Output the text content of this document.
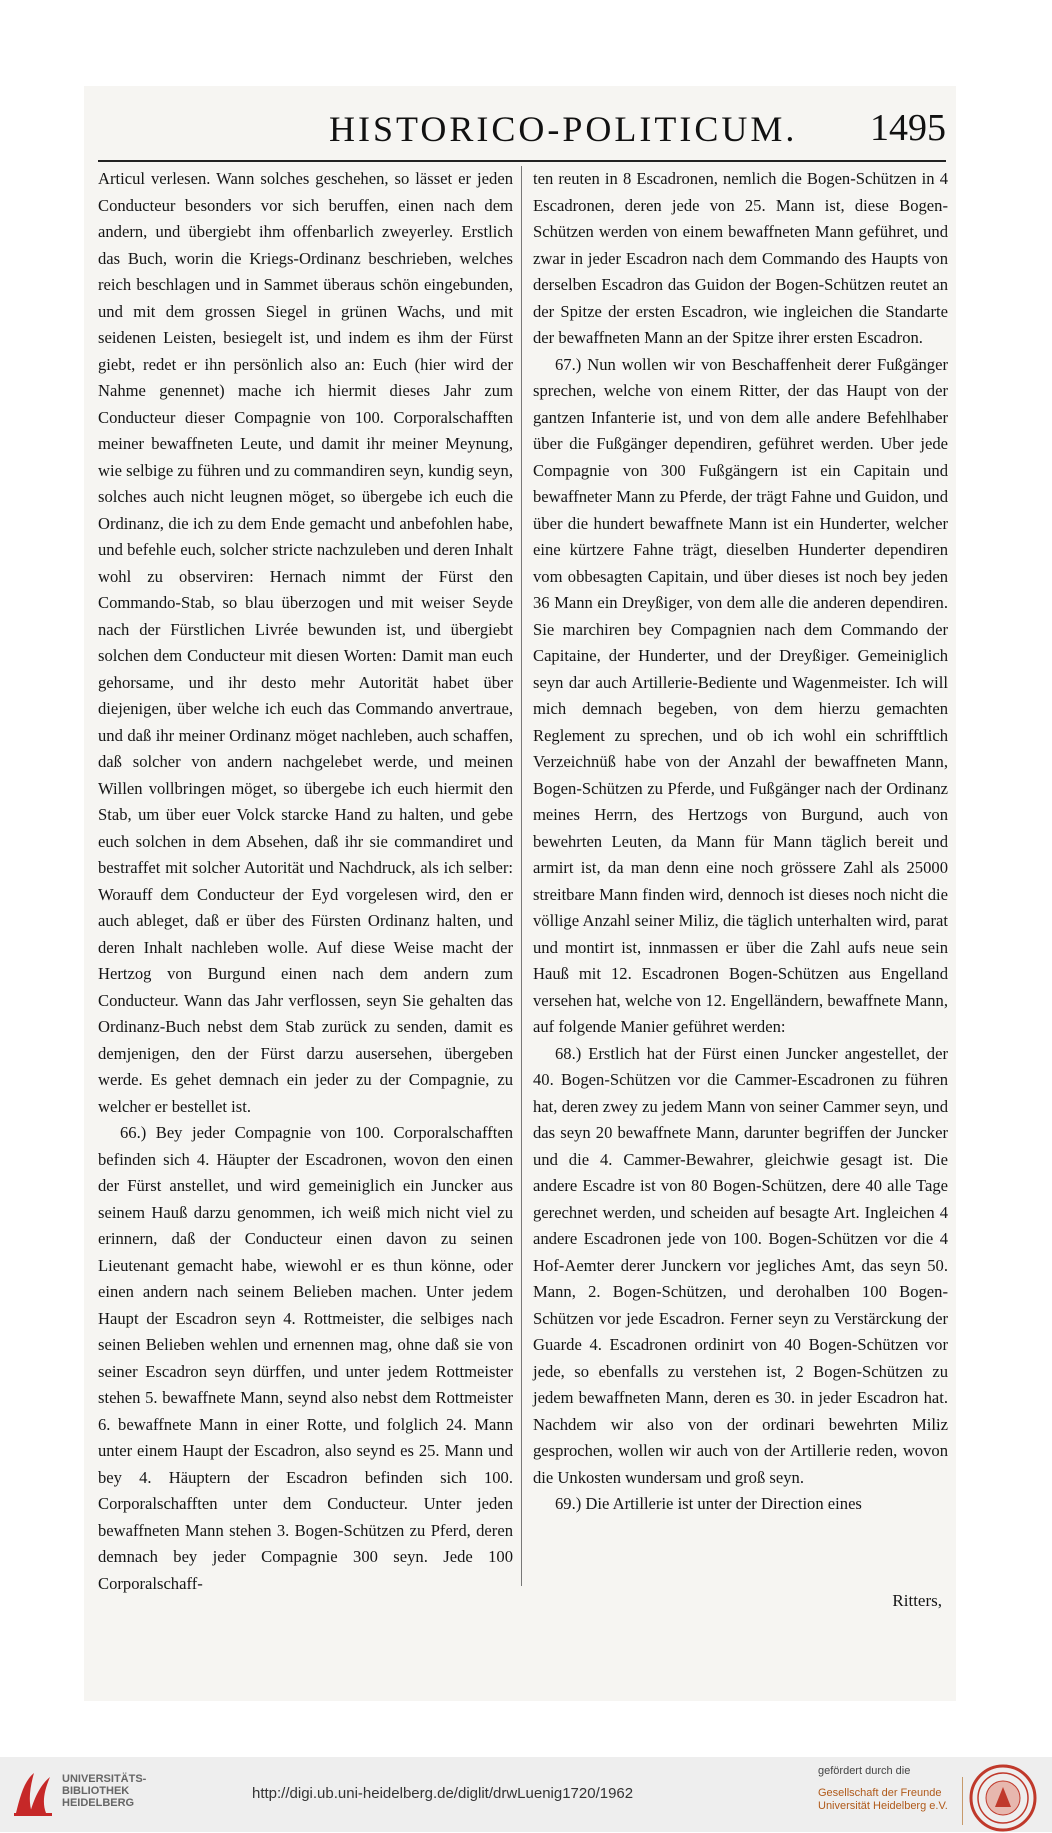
HISTORICO-POLITICUM. 1495

Articul verlesen. Wann solches geschehen, so lässet er jeden Conducteur besonders vor sich beruffen, einen nach dem andern, und übergiebt ihm offenbarlich zweyerley. Erstlich das Buch, worin die Kriegs-Ordinanz beschrieben, welches reich beschlagen und in Sammet überaus schön eingebunden, und mit dem grossen Siegel in grünen Wachs, und mit seidenen Leisten, besiegelt ist, und indem es ihm der Fürst giebt, redet er ihn persönlich also an: Euch (hier wird der Nahme genennet) mache ich hiermit dieses Jahr zum Conducteur dieser Compagnie von 100. Corporalschafften meiner bewaffneten Leute, und damit ihr meiner Meynung, wie selbige zu führen und zu commandiren seyn, kundig seyn, solches auch nicht leugnen möget, so übergebe ich euch die Ordinanz, die ich zu dem Ende gemacht und anbefohlen habe, und befehle euch, solcher stricte nachzuleben und deren Inhalt wohl zu observiren: Hernach nimmt der Fürst den Commando-Stab, so blau überzogen und mit weiser Seyde nach der Fürstlichen Livrée bewunden ist, und übergiebt solchen dem Conducteur mit diesen Worten: Damit man euch gehorsame, und ihr desto mehr Autorität habet über diejenigen, über welche ich euch das Commando anvertraue, und daß ihr meiner Ordinanz möget nachleben, auch schaffen, daß solcher von andern nachgelebet werde, und meinen Willen vollbringen möget, so übergebe ich euch hiermit den Stab, um über euer Volck starcke Hand zu halten, und gebe euch solchen in dem Absehen, daß ihr sie commandiret und bestraffet mit solcher Autorität und Nachdruck, als ich selber: Worauff dem Conducteur der Eyd vorgelesen wird, den er auch ableget, daß er über des Fürsten Ordinanz halten, und deren Inhalt nachleben wolle. Auf diese Weise macht der Hertzog von Burgund einen nach dem andern zum Conducteur. Wann das Jahr verflossen, seyn Sie gehalten das Ordinanz-Buch nebst dem Stab zurück zu senden, damit es demjenigen, den der Fürst darzu ausersehen, übergeben werde. Es gehet demnach ein jeder zu der Compagnie, zu welcher er bestellet ist.

66.) Bey jeder Compagnie von 100. Corporalschafften befinden sich 4. Häupter der Escadronen, wovon den einen der Fürst anstellet, und wird gemeiniglich ein Juncker aus seinem Hauß darzu genommen, ich weiß mich nicht viel zu erinnern, daß der Conducteur einen davon zu seinen Lieutenant gemacht habe, wiewohl er es thun könne, oder einen andern nach seinem Belieben machen. Unter jedem Haupt der Escadron seyn 4. Rottmeister, die selbiges nach seinen Belieben wehlen und ernennen mag, ohne daß sie von seiner Escadron seyn dürffen, und unter jedem Rottmeister stehen 5. bewaffnete Mann, seynd also nebst dem Rottmeister 6. bewaffnete Mann in einer Rotte, und folglich 24. Mann unter einem Haupt der Escadron, also seynd es 25. Mann und bey 4. Häuptern der Escadron befinden sich 100. Corporalschafften unter dem Conducteur. Unter jeden bewaffneten Mann stehen 3. Bogen-Schützen zu Pferd, deren demnach bey jeder Compagnie 300 seyn. Jede 100 Corporalschaff-

ten reuten in 8 Escadronen, nemlich die Bogen-Schützen in 4 Escadronen, deren jede von 25. Mann ist, diese Bogen-Schützen werden von einem bewaffneten Mann geführet, und zwar in jeder Escadron nach dem Commando des Haupts von derselben Escadron das Guidon der Bogen-Schützen reutet an der Spitze der ersten Escadron, wie ingleichen die Standarte der bewaffneten Mann an der Spitze ihrer ersten Escadron.

67.) Nun wollen wir von Beschaffenheit derer Fußgänger sprechen, welche von einem Ritter, der das Haupt von der gantzen Infanterie ist, und von dem alle andere Befehlhaber über die Fußgänger dependiren, geführet werden. Uber jede Compagnie von 300 Fußgängern ist ein Capitain und bewaffneter Mann zu Pferde, der trägt Fahne und Guidon, und über die hundert bewaffnete Mann ist ein Hunderter, welcher eine kürtzere Fahne trägt, dieselben Hunderter dependiren vom obbesagten Capitain, und über dieses ist noch bey jeden 36 Mann ein Dreyßiger, von dem alle die anderen dependiren. Sie marchiren bey Compagnien nach dem Commando der Capitaine, der Hunderter, und der Dreyßiger. Gemeiniglich seyn dar auch Artillerie-Bediente und Wagenmeister. Ich will mich demnach begeben, von dem hierzu gemachten Reglement zu sprechen, und ob ich wohl ein schrifftlich Verzeichnüß habe von der Anzahl der bewaffneten Mann, Bogen-Schützen zu Pferde, und Fußgänger nach der Ordinanz meines Herrn, des Hertzogs von Burgund, auch von bewehrten Leuten, da Mann für Mann täglich bereit und armirt ist, da man denn eine noch grössere Zahl als 25000 streitbare Mann finden wird, dennoch ist dieses noch nicht die völlige Anzahl seiner Miliz, die täglich unterhalten wird, parat und montirt ist, innmassen er über die Zahl aufs neue sein Hauß mit 12. Escadronen Bogen-Schützen aus Engelland versehen hat, welche von 12. Engelländern, bewaffnete Mann, auf folgende Manier geführet werden:

68.) Erstlich hat der Fürst einen Juncker angestellet, der 40. Bogen-Schützen vor die Cammer-Escadronen zu führen hat, deren zwey zu jedem Mann von seiner Cammer seyn, und das seyn 20 bewaffnete Mann, darunter begriffen der Juncker und die 4. Cammer-Bewahrer, gleichwie gesagt ist. Die andere Escadre ist von 80 Bogen-Schützen, dere 40 alle Tage gerechnet werden, und scheiden auf besagte Art. Ingleichen 4 andere Escadronen jede von 100. Bogen-Schützen vor die 4 Hof-Aemter derer Junckern vor jegliches Amt, das seyn 50. Mann, 2. Bogen-Schützen, und derohalben 100 Bogen-Schützen vor jede Escadron. Ferner seyn zu Verstärckung der Guarde 4. Escadronen ordinirt von 40 Bogen-Schützen vor jede, so ebenfalls zu verstehen ist, 2 Bogen-Schützen zu jedem bewaffneten Mann, deren es 30. in jeder Escadron hat. Nachdem wir also von der ordinari bewehrten Miliz gesprochen, wollen wir auch von der Artillerie reden, wovon die Unkosten wundersam und groß seyn.

69.) Die Artillerie ist unter der Direction eines

Ritters,
UNIVERSITÄTS-
BIBLIOTHEK
HEIDELBERG
http://digi.ub.uni-heidelberg.de/diglit/drwLuenig1720/1962
gefördert durch die
Gesellschaft der Freunde
Universität Heidelberg e.V.
